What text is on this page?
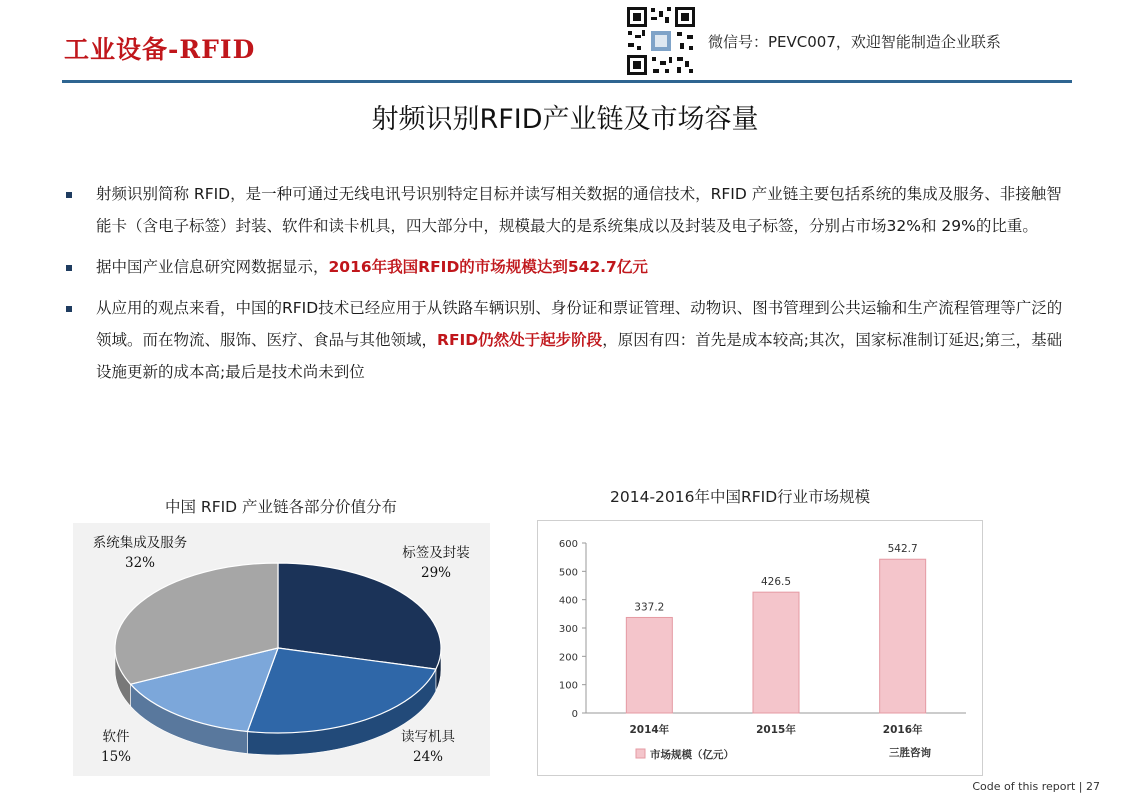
工业设备-RFID	微信号：PEVC007，欢迎智能制造企业联系
射频识别RFID产业链及市场容量
射频识别简称 RFID，是一种可通过无线电讯号识别特定目标并读写相关数据的通信技术，RFID 产业链主要包括系统的集成及服务、非接触智能卡（含电子标签）封装、软件和读卡机具，四大部分中，规模最大的是系统集成以及封装及电子标签，分别占市场32%和 29%的比重。
据中国产业信息研究网数据显示，2016年我国RFID的市场规模达到542.7亿元
从应用的观点来看，中国的RFID技术已经应用于从铁路车辆识别、身份证和票证管理、动物识、图书管理到公共运输和生产流程管理等广泛的领域。而在物流、服饰、医疗、食品与其他领域，RFID仍然处于起步阶段，原因有四：首先是成本较高;其次，国家标准制订延迟;第三，基础设施更新的成本高;最后是技术尚未到位
中国 RFID 产业链各部分价值分布
2014-2016年中国RFID行业市场规模
系统集成及服务
32%
标签及封装
29%
软件
15%
读写机具
24%
0
100
200
300
400
500
600
337.2
2014年
426.5
2015年
542.7
2016年
市场规模（亿元）	三胜咨询
Code of this report | 27
